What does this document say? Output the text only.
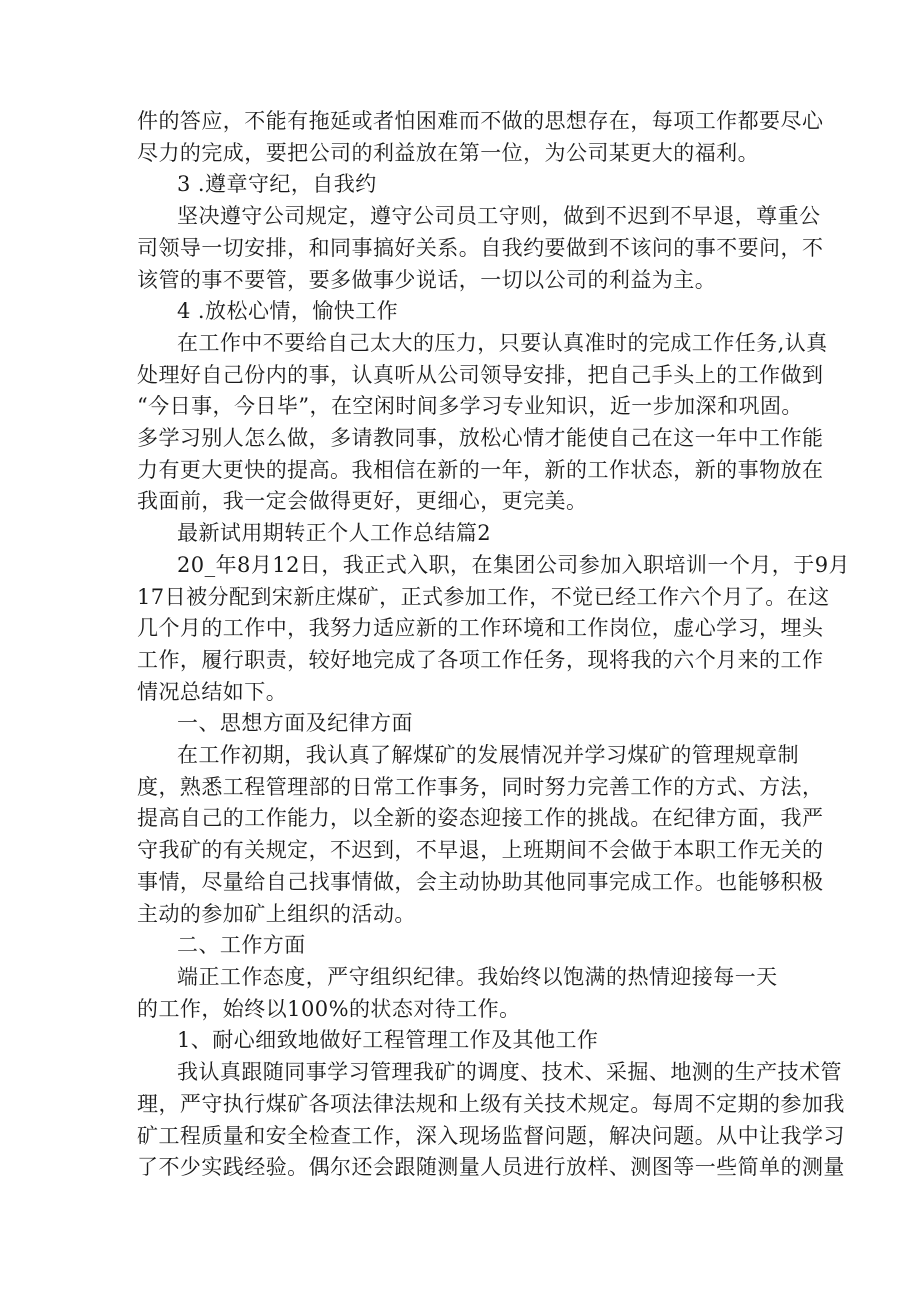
件的答应，不能有拖延或者怕困难而不做的思想存在，每项工作都要尽心
尽力的完成，要把公司的利益放在第一位，为公司某更大的福利。
3 .遵章守纪，自我约
坚决遵守公司规定，遵守公司员工守则，做到不迟到不早退，尊重公
司领导一切安排，和同事搞好关系。自我约要做到不该问的事不要问，不
该管的事不要管，要多做事少说话，一切以公司的利益为主。
4 .放松心情，愉快工作
在工作中不要给自己太大的压力，只要认真准时的完成工作任务,认真
处理好自己份内的事，认真听从公司领导安排，把自己手头上的工作做到
“今日事，今日毕”，在空闲时间多学习专业知识，近一步加深和巩固。
多学习别人怎么做，多请教同事，放松心情才能使自己在这一年中工作能
力有更大更快的提高。我相信在新的一年，新的工作状态，新的事物放在
我面前，我一定会做得更好，更细心，更完美。
最新试用期转正个人工作总结篇2
20_年8月12日，我正式入职，在集团公司参加入职培训一个月，于9月
17日被分配到宋新庄煤矿，正式参加工作，不觉已经工作六个月了。在这
几个月的工作中，我努力适应新的工作环境和工作岗位，虚心学习，埋头
工作，履行职责，较好地完成了各项工作任务，现将我的六个月来的工作
情况总结如下。
一、思想方面及纪律方面
在工作初期，我认真了解煤矿的发展情况并学习煤矿的管理规章制
度，熟悉工程管理部的日常工作事务，同时努力完善工作的方式、方法，
提高自己的工作能力，以全新的姿态迎接工作的挑战。在纪律方面，我严
守我矿的有关规定，不迟到，不早退，上班期间不会做于本职工作无关的
事情，尽量给自己找事情做，会主动协助其他同事完成工作。也能够积极
主动的参加矿上组织的活动。
二、工作方面
端正工作态度，严守组织纪律。我始终以饱满的热情迎接每一天
的工作，始终以100%的状态对待工作。
1、耐心细致地做好工程管理工作及其他工作
我认真跟随同事学习管理我矿的调度、技术、采掘、地测的生产技术管
理，严守执行煤矿各项法律法规和上级有关技术规定。每周不定期的参加我
矿工程质量和安全检查工作，深入现场监督问题，解决问题。从中让我学习
了不少实践经验。偶尔还会跟随测量人员进行放样、测图等一些简单的测量
